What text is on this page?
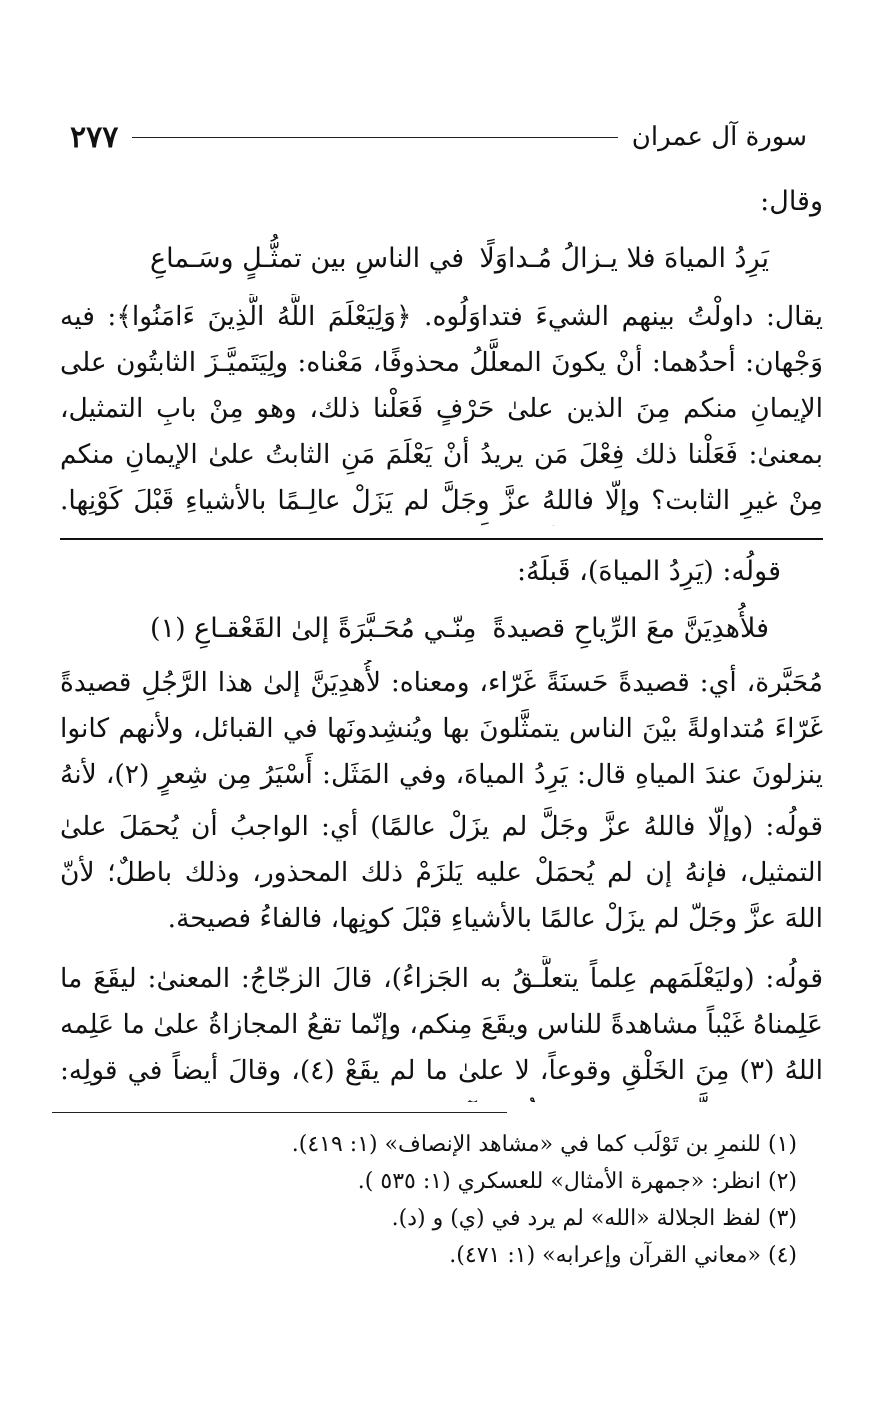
سورة آل عمران
٢٧٧
وقال:
يَرِدُ المياهَ فلا يـزالُ مُـداوَلًا
في الناسِ بين تمثُّـلٍ وسَـماعِ
يقال: داولْتُ بينهم الشيءَ فتداوَلُوه. ﴿وَلِيَعْلَمَ اللَّهُ الَّذِينَ ءَامَنُوا﴾: فيه وَجْهان: أحدُهما: أنْ يكونَ المعلَّلُ محذوفًا، مَعْناه: ولِيَتَميَّـزَ الثابتُون على الإيمانِ منكم مِنَ الذين علىٰ حَرْفٍ فَعَلْنا ذلك، وهو مِنْ بابِ التمثيل، بمعنىٰ: فَعَلْنا ذلك فِعْلَ مَن يريدُ أنْ يَعْلَمَ مَنِ الثابتُ علىٰ الإيمانِ منكم مِنْ غيرِ الثابت؟ وإلّا فاللهُ عزَّ وجَلَّ لم يَزَلْ عالِـمًا بالأشياءِ قَبْلَ كَوْنِها.
قولُه: (يَرِدُ المياهَ)، قَبلَهُ:
فلأُهدِيَنَّ معَ الرِّياحِ قصيدةً
مِنّـي مُحَـبَّرَةً إلىٰ القَعْقـاعِ (١)
مُحَبَّرة، أي: قصيدةً حَسنَةً غَرّاء، ومعناه: لأُهدِيَنَّ إلىٰ هذا الرَّجُلِ قصيدةً غَرّاءَ مُتداولةً بيْنَ الناس يتمثَّلونَ بها ويُنشِدونَها في القبائل، ولأنهم كانوا ينزلونَ عندَ المياهِ قال: يَرِدُ المياهَ، وفي المَثَل: أَسْيَرُ مِن شِعرٍ (٢)، لأنهُ
قولُه: (وإلّا فاللهُ عزَّ وجَلَّ لم يزَلْ عالمًا) أي: الواجبُ أن يُحمَلَ علىٰ التمثيل، فإنهُ إن لم يُحمَلْ عليه يَلزَمْ ذلك المحذور، وذلك باطلٌ؛ لأنّ اللهَ عزَّ وجَلّ لم يزَلْ عالمًا بالأشياءِ قبْلَ كونِها، فالفاءُ فصيحة.
قولُه: (وليَعْلَمَهم عِلماً يتعلَّـقُ به الجَزاءُ)، قالَ الزجّاجُ: المعنىٰ: ليقَعَ ما عَلِمناهُ غَيْباً مشاهدةً للناس ويقَعَ مِنكم، وإنّما تقعُ المجازاةُ علىٰ ما عَلِمه اللهُ (٣) مِنَ الخَلْقِ وقوعاً، لا علىٰ ما لم يقَعْ (٤)، وقالَ أيضاً في قولِه:
(١) للنمرِ بن تَوْلَب كما في «مشاهد الإنصاف» (١: ٤١٩).
(٢) انظر: «جمهرة الأمثال» للعسكري (١: ٥٣٥ ).
(٣) لفظ الجلالة «الله» لم يرد في (ي) و (د).
(٤) «معاني القرآن وإعرابه» (١: ٤٧١).
